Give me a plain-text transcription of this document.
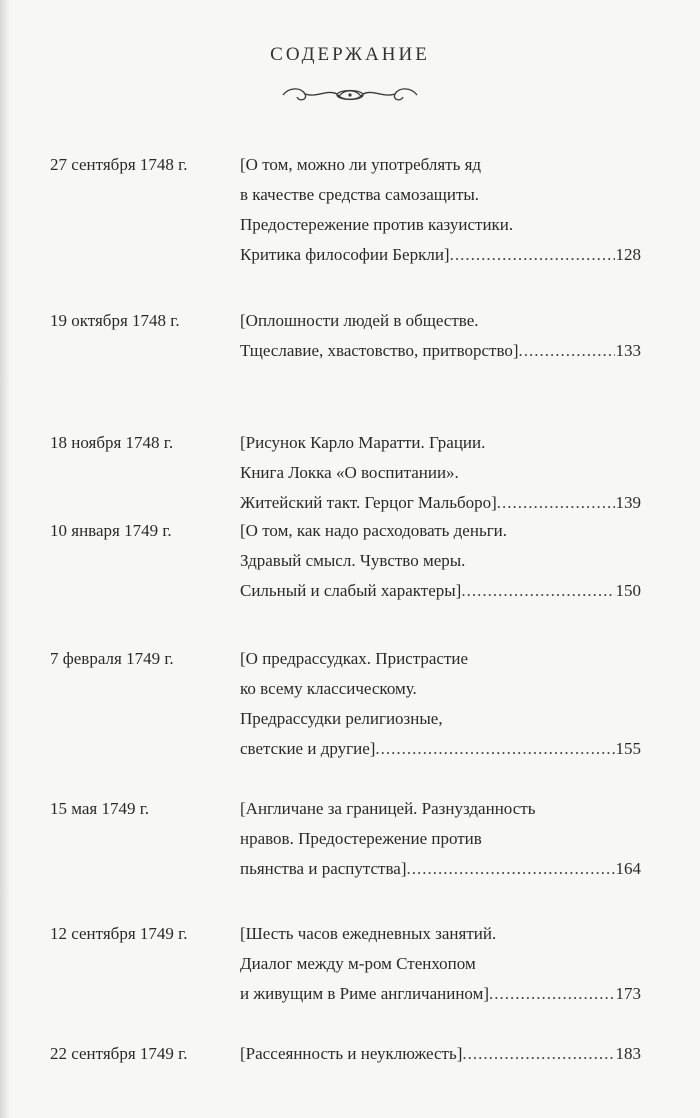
СОДЕРЖАНИЕ
27 сентября 1748 г.	[О том, можно ли употреблять яд
в качестве средства самозащиты.
Предостережение против казуистики.
Критика философии Беркли] .....	128
19 октября 1748 г.	[Оплошности людей в обществе.
Тщеславие, хвастовство, притворство] .....	133
18 ноября 1748 г.	[Рисунок Карло Маратти. Грации.
Книга Локка «О воспитании».
Житейский такт. Герцог Мальборо] .....	139
10 января 1749 г.	[О том, как надо расходовать деньги.
Здравый смысл. Чувство меры.
Сильный и слабый характеры] .....	150
7 февраля 1749 г.	[О предрассудках. Пристрастие
ко всему классическому.
Предрассудки религиозные,
светские и другие] .....	155
15 мая 1749 г.	[Англичане за границей. Разнузданность
нравов. Предостережение против
пьянства и распутства] .....	164
12 сентября 1749 г.	[Шесть часов ежедневных занятий.
Диалог между м-ром Стенхопом
и живущим в Риме англичанином] .....	173
22 сентября 1749 г.	[Рассеянность и неуклюжесть] .....	183
